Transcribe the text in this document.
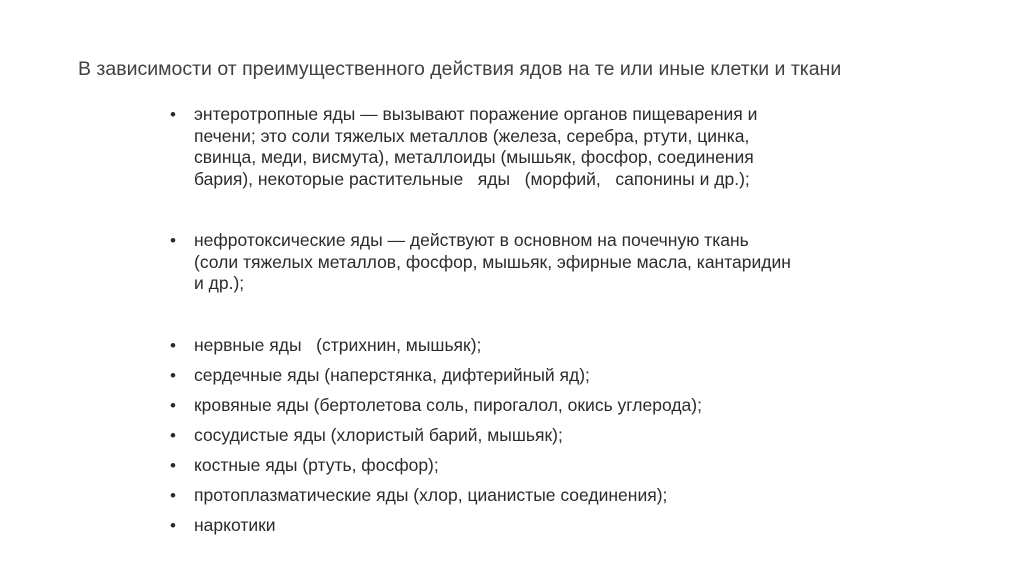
В зависимости от преимущественного действия ядов на те или иные клетки и ткани
• энтеротропные яды — вызывают поражение органов пищеварения и
печени; это соли тяжелых металлов (железа, серебра, ртути, цинка,
свинца, меди, висмута), металлоиды (мышьяк, фосфор, соединения
бария), некоторые растительные   яды   (морфий,   сапонины и др.);
• нефротоксические яды — действуют в основном на почечную ткань
(соли тяжелых металлов, фосфор, мышьяк, эфирные масла, кантаридин
и др.);
• нервные яды   (стрихнин, мышьяк);
• сердечные яды (наперстянка, дифтерийный яд);
• кровяные яды (бертолетова соль, пирогалол, окись углерода);
• сосудистые яды (хлористый барий, мышьяк);
• костные яды (ртуть, фосфор);
• протоплазматические яды (хлор, цианистые соединения);
• наркотики
